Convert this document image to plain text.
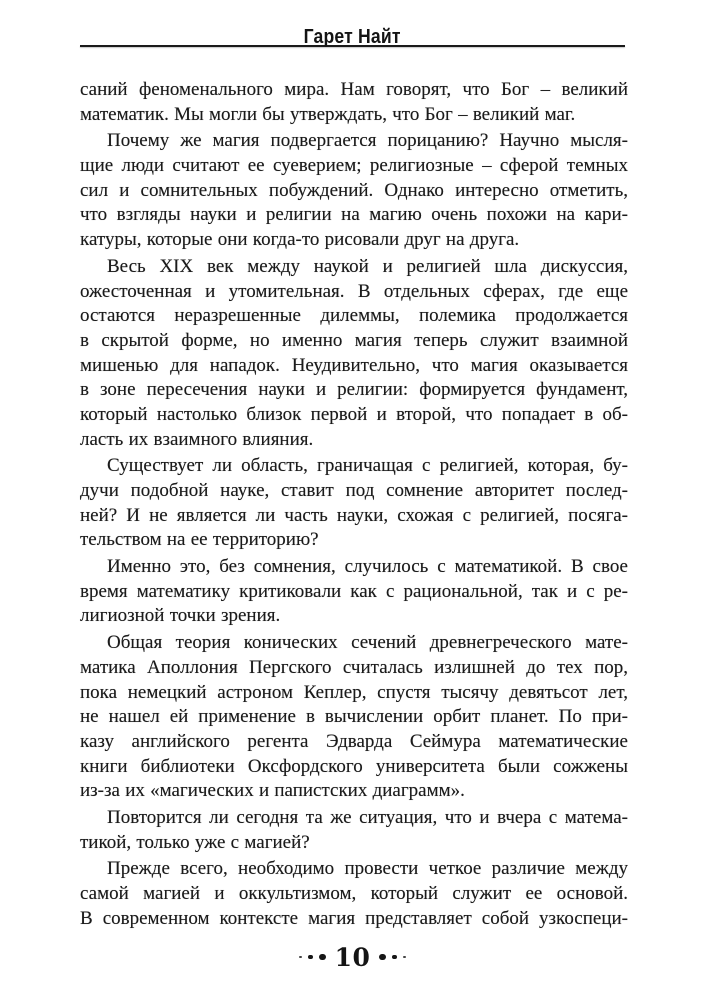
Гарет Найт
саний феноменального мира. Нам говорят, что Бог – великий
математик. Мы могли бы утверждать, что Бог – великий маг.
Почему же магия подвергается порицанию? Научно мысля-
щие люди считают ее суеверием; религиозные – сферой темных
сил и сомнительных побуждений. Однако интересно отметить,
что взгляды науки и религии на магию очень похожи на кари-
катуры, которые они когда-то рисовали друг на друга.
Весь XIX век между наукой и религией шла дискуссия,
ожесточенная и утомительная. В отдельных сферах, где еще
остаются неразрешенные дилеммы, полемика продолжается
в скрытой форме, но именно магия теперь служит взаимной
мишенью для нападок. Неудивительно, что магия оказывается
в зоне пересечения науки и религии: формируется фундамент,
который настолько близок первой и второй, что попадает в об-
ласть их взаимного влияния.
Существует ли область, граничащая с религией, которая, бу-
дучи подобной науке, ставит под сомнение авторитет послед-
ней? И не является ли часть науки, схожая с религией, посяга-
тельством на ее территорию?
Именно это, без сомнения, случилось с математикой. В свое
время математику критиковали как с рациональной, так и с ре-
лигиозной точки зрения.
Общая теория конических сечений древнегреческого мате-
матика Аполлония Пергского считалась излишней до тех пор,
пока немецкий астроном Кеплер, спустя тысячу девятьсот лет,
не нашел ей применение в вычислении орбит планет. По при-
казу английского регента Эдварда Сеймура математические
книги библиотеки Оксфордского университета были сожжены
из-за их «магических и папистских диаграмм».
Повторится ли сегодня та же ситуация, что и вчера с матема-
тикой, только уже с магией?
Прежде всего, необходимо провести четкое различие между
самой магией и оккультизмом, который служит ее основой.
В современном контексте магия представляет собой узкоспеци-
10
